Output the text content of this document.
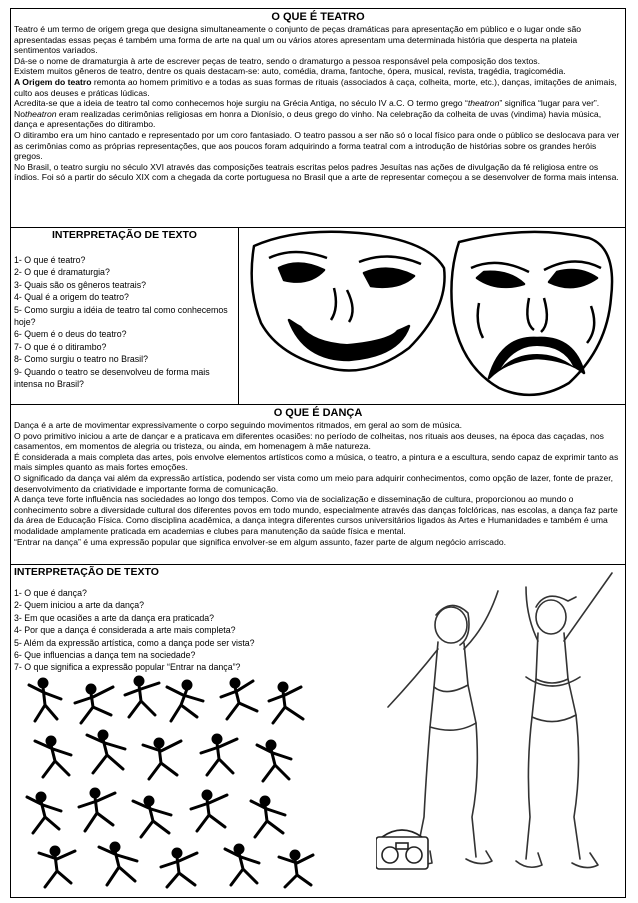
O QUE É TEATRO

Teatro é um termo de origem grega que designa simultaneamente o conjunto de peças dramáticas para apresentação em público e o lugar onde são apresentadas essas peças é também uma forma de arte na qual um ou vários atores apresentam uma determinada história que desperta na plateia sentimentos variados.

Dá-se o nome de dramaturgia à arte de escrever peças de teatro, sendo o dramaturgo a pessoa responsável pela composição dos textos.

Existem muitos gêneros de teatro, dentre os quais destacam-se: auto, comédia, drama, fantoche, ópera, musical, revista, tragédia, tragicomédia.

A Origem do teatro remonta ao homem primitivo e a todas as suas formas de rituais (associados à caça, colheita, morte, etc.), danças, imitações de animais, culto aos deuses e práticas lúdicas.

Acredita-se que a ideia de teatro tal como conhecemos hoje surgiu na Grécia Antiga, no século IV a.C. O termo grego “theatron” significa “lugar para ver”. Notheatron eram realizadas cerimônias religiosas em honra a Dionísio, o deus grego do vinho. Na celebração da colheita de uvas (vindima) havia música, dança e apresentações do ditirambo.

O ditirambo era um hino cantado e representado por um coro fantasiado. O teatro passou a ser não só o local físico para onde o público se deslocava para ver as cerimônias como as próprias representações, que aos poucos foram adquirindo a forma teatral com a introdução de histórias sobre os grandes heróis gregos.

No Brasil, o teatro surgiu no século XVI através das composições teatrais escritas pelos padres Jesuítas nas ações de divulgação da fé religiosa entre os índios. Foi só a partir do século XIX com a chegada da corte portuguesa no Brasil que a arte de representar começou a se desenvolver de forma mais intensa.

INTERPRETAÇÃO DE TEXTO
1- O que é teatro?
2- O que é dramaturgia?
3- Quais são os gêneros teatrais?
4- Qual é a origem do teatro?
5- Como surgiu a idéia de teatro tal como conhecemos hoje?
6- Quem é o deus do teatro?
7- O que é o ditirambo?
8- Como surgiu o teatro no Brasil?
9- Quando o teatro se desenvolveu de forma mais intensa no Brasil?
O QUE É DANÇA

Dança é a arte de movimentar expressivamente o corpo seguindo movimentos ritmados, em geral ao som de música.

O povo primitivo iniciou a arte de dançar e a praticava em diferentes ocasiões: no período de colheitas, nos rituais aos deuses, na época das caçadas, nos casamentos, em momentos de alegria ou tristeza, ou ainda, em homenagem à mãe natureza.

É considerada a mais completa das artes, pois envolve elementos artísticos como a música, o teatro, a pintura e a escultura, sendo capaz de exprimir tanto as mais simples quanto as mais fortes emoções.

O significado da dança vai além da expressão artística, podendo ser vista como um meio para adquirir conhecimentos, como opção de lazer, fonte de prazer, desenvolvimento da criatividade e importante forma de comunicação.

A dança teve forte influência nas sociedades ao longo dos tempos. Como via de socialização e disseminação de cultura, proporcionou ao mundo o conhecimento sobre a diversidade cultural dos diferentes povos em todo mundo, especialmente através das danças folclóricas, nas escolas, a dança faz parte da área de Educação Física. Como disciplina acadêmica, a dança integra diferentes cursos universitários ligados às Artes e Humanidades e também é uma modalidade amplamente praticada em academias e clubes para manutenção da saúde física e mental.

“Entrar na dança” é uma expressão popular que significa envolver-se em algum assunto, fazer parte de algum negócio arriscado.

INTERPRETAÇÃO DE TEXTO
1- O que é dança?
2- Quem iniciou a arte da dança?
3- Em que ocasiões a arte da dança era praticada?
4- Por que a dança é considerada a arte mais completa?
5- Além da expressão artística, como a dança pode ser vista?
6- Que influencias a dança tem na sociedade?
7- O que significa a expressão popular “Entrar na dança”?
